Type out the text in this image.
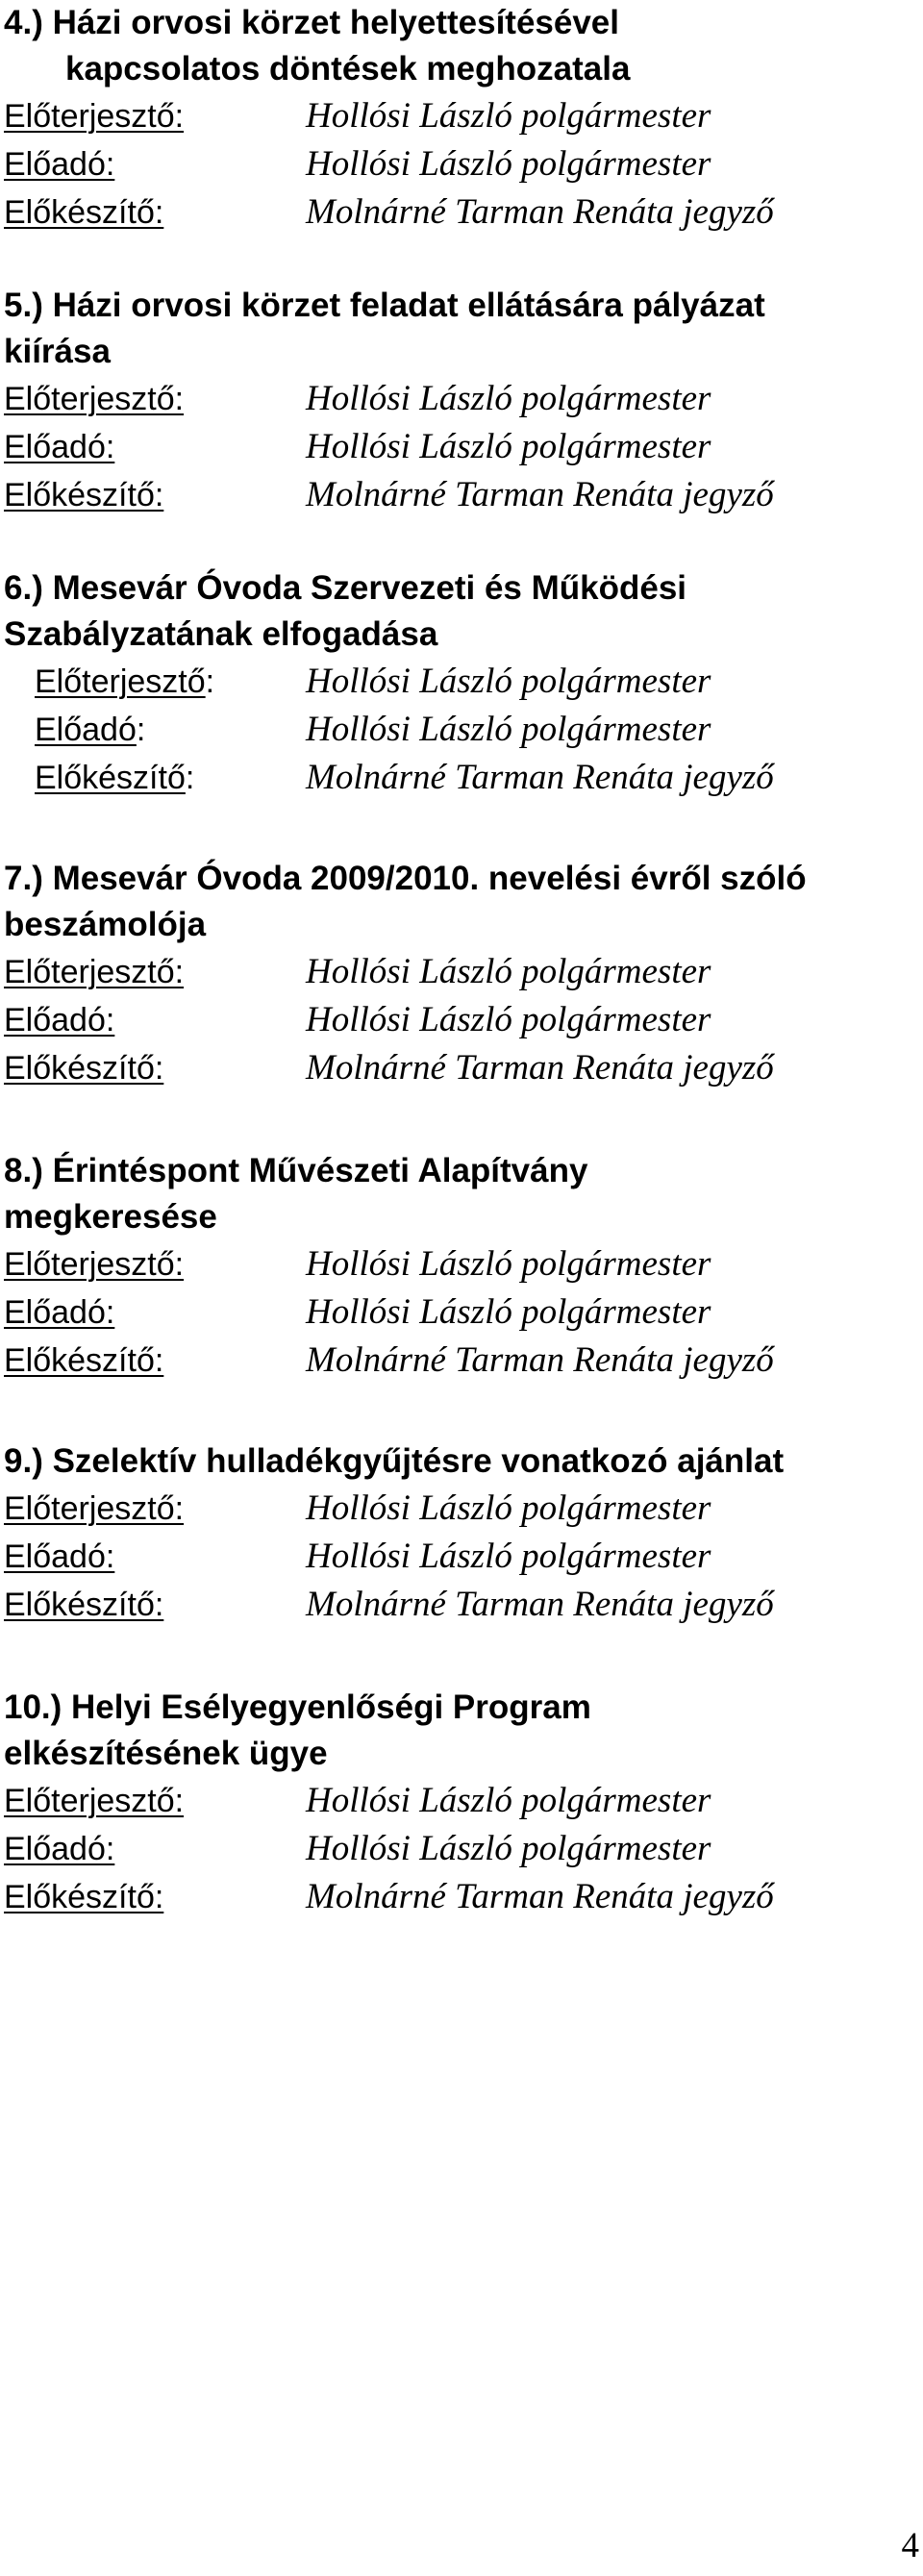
4.) Házi orvosi körzet helyettesítésével
kapcsolatos döntések meghozatala
Előterjesztő:	Hollósi László polgármester
Előadó:	Hollósi László polgármester
Előkészítő:	Molnárné Tarman Renáta jegyző
5.) Házi orvosi körzet feladat ellátására pályázat
kiírása
Előterjesztő:	Hollósi László polgármester
Előadó:	Hollósi László polgármester
Előkészítő:	Molnárné Tarman Renáta jegyző
6.) Mesevár Óvoda Szervezeti és Működési
Szabályzatának elfogadása
Előterjesztő:	Hollósi László polgármester
Előadó:	Hollósi László polgármester
Előkészítő:	Molnárné Tarman Renáta jegyző
7.) Mesevár Óvoda 2009/2010. nevelési évről szóló
beszámolója
Előterjesztő:	Hollósi László polgármester
Előadó:	Hollósi László polgármester
Előkészítő:	Molnárné Tarman Renáta jegyző
8.) Érintéspont Művészeti Alapítvány
megkeresése
Előterjesztő:	Hollósi László polgármester
Előadó:	Hollósi László polgármester
Előkészítő:	Molnárné Tarman Renáta jegyző
9.) Szelektív hulladékgyűjtésre vonatkozó ajánlat
Előterjesztő:	Hollósi László polgármester
Előadó:	Hollósi László polgármester
Előkészítő:	Molnárné Tarman Renáta jegyző
10.) Helyi Esélyegyenlőségi Program
elkészítésének ügye
Előterjesztő:	Hollósi László polgármester
Előadó:	Hollósi László polgármester
Előkészítő:	Molnárné Tarman Renáta jegyző
4
